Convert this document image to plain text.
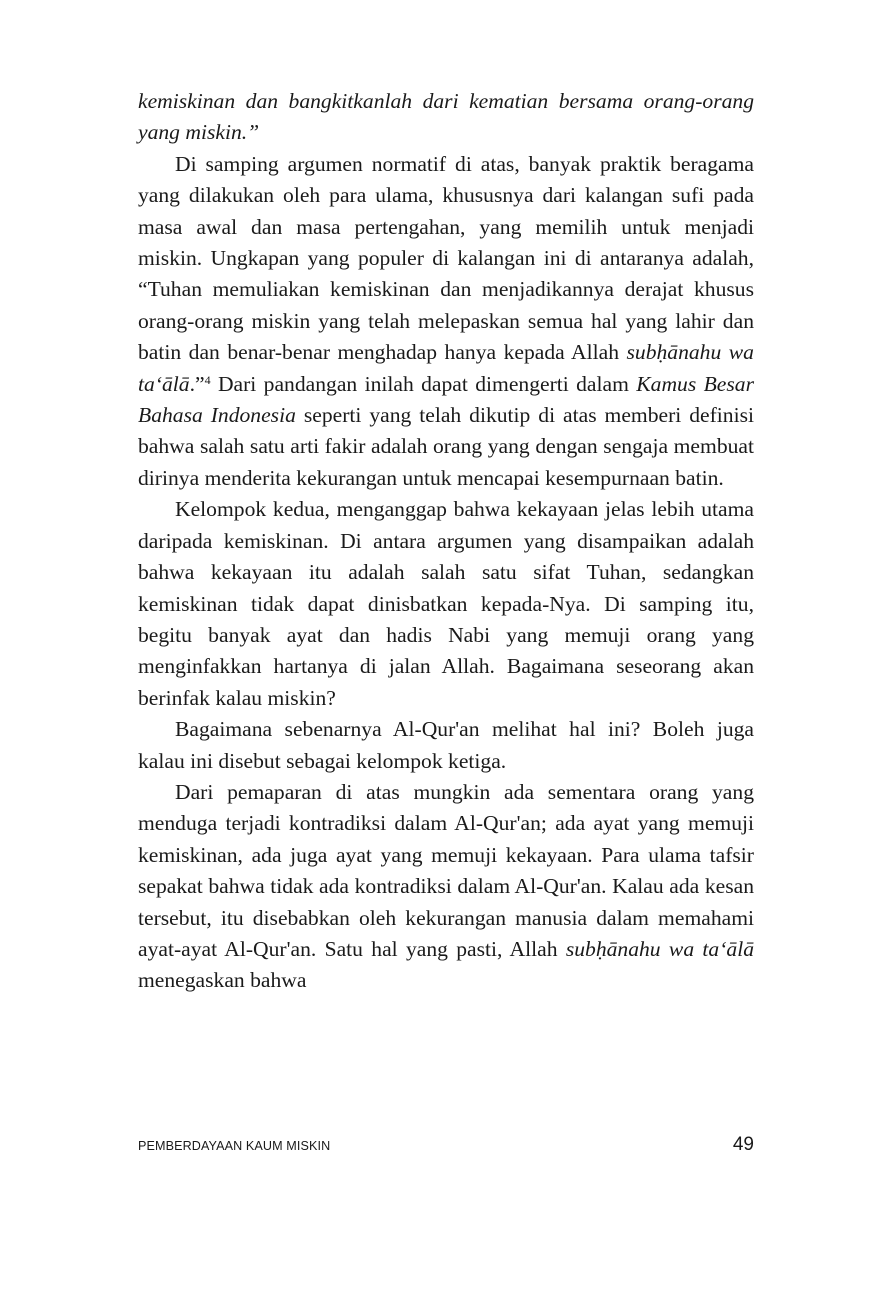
kemiskinan dan bangkitkanlah dari kematian bersama orang-orang yang miskin.”

Di samping argumen normatif di atas, banyak praktik beragama yang dilakukan oleh para ulama, khususnya dari kalangan sufi pada masa awal dan masa pertengahan, yang memilih untuk menjadi miskin. Ungkapan yang populer di kalangan ini di antaranya adalah, “Tuhan memuliakan kemiskinan dan menjadikannya derajat khusus orang-orang miskin yang telah melepaskan semua hal yang lahir dan batin dan benar-benar menghadap hanya kepada Allah subḥānahu wa ta‘ālā.”$^4$ Dari pandangan inilah dapat dimengerti dalam Kamus Besar Bahasa Indonesia seperti yang telah dikutip di atas memberi definisi bahwa salah satu arti fakir adalah orang yang dengan sengaja membuat dirinya menderita kekurangan untuk mencapai kesempurnaan batin.

Kelompok kedua, menganggap bahwa kekayaan jelas lebih utama daripada kemiskinan. Di antara argumen yang disampaikan adalah bahwa kekayaan itu adalah salah satu sifat Tuhan, sedangkan kemiskinan tidak dapat dinisbatkan kepada-Nya. Di samping itu, begitu banyak ayat dan hadis Nabi yang memuji orang yang menginfakkan hartanya di jalan Allah. Bagaimana seseorang akan berinfak kalau miskin?

Bagaimana sebenarnya Al-Qur'an melihat hal ini? Boleh juga kalau ini disebut sebagai kelompok ketiga.

Dari pemaparan di atas mungkin ada sementara orang yang menduga terjadi kontradiksi dalam Al-Qur'an; ada ayat yang memuji kemiskinan, ada juga ayat yang memuji kekayaan. Para ulama tafsir sepakat bahwa tidak ada kontradiksi dalam Al-Qur'an. Kalau ada kesan tersebut, itu disebabkan oleh kekurangan manusia dalam memahami ayat-ayat Al-Qur'an. Satu hal yang pasti, Allah subḥānahu wa ta‘ālā menegaskan bahwa

PEMBERDAYAAN KAUM MISKIN	49
